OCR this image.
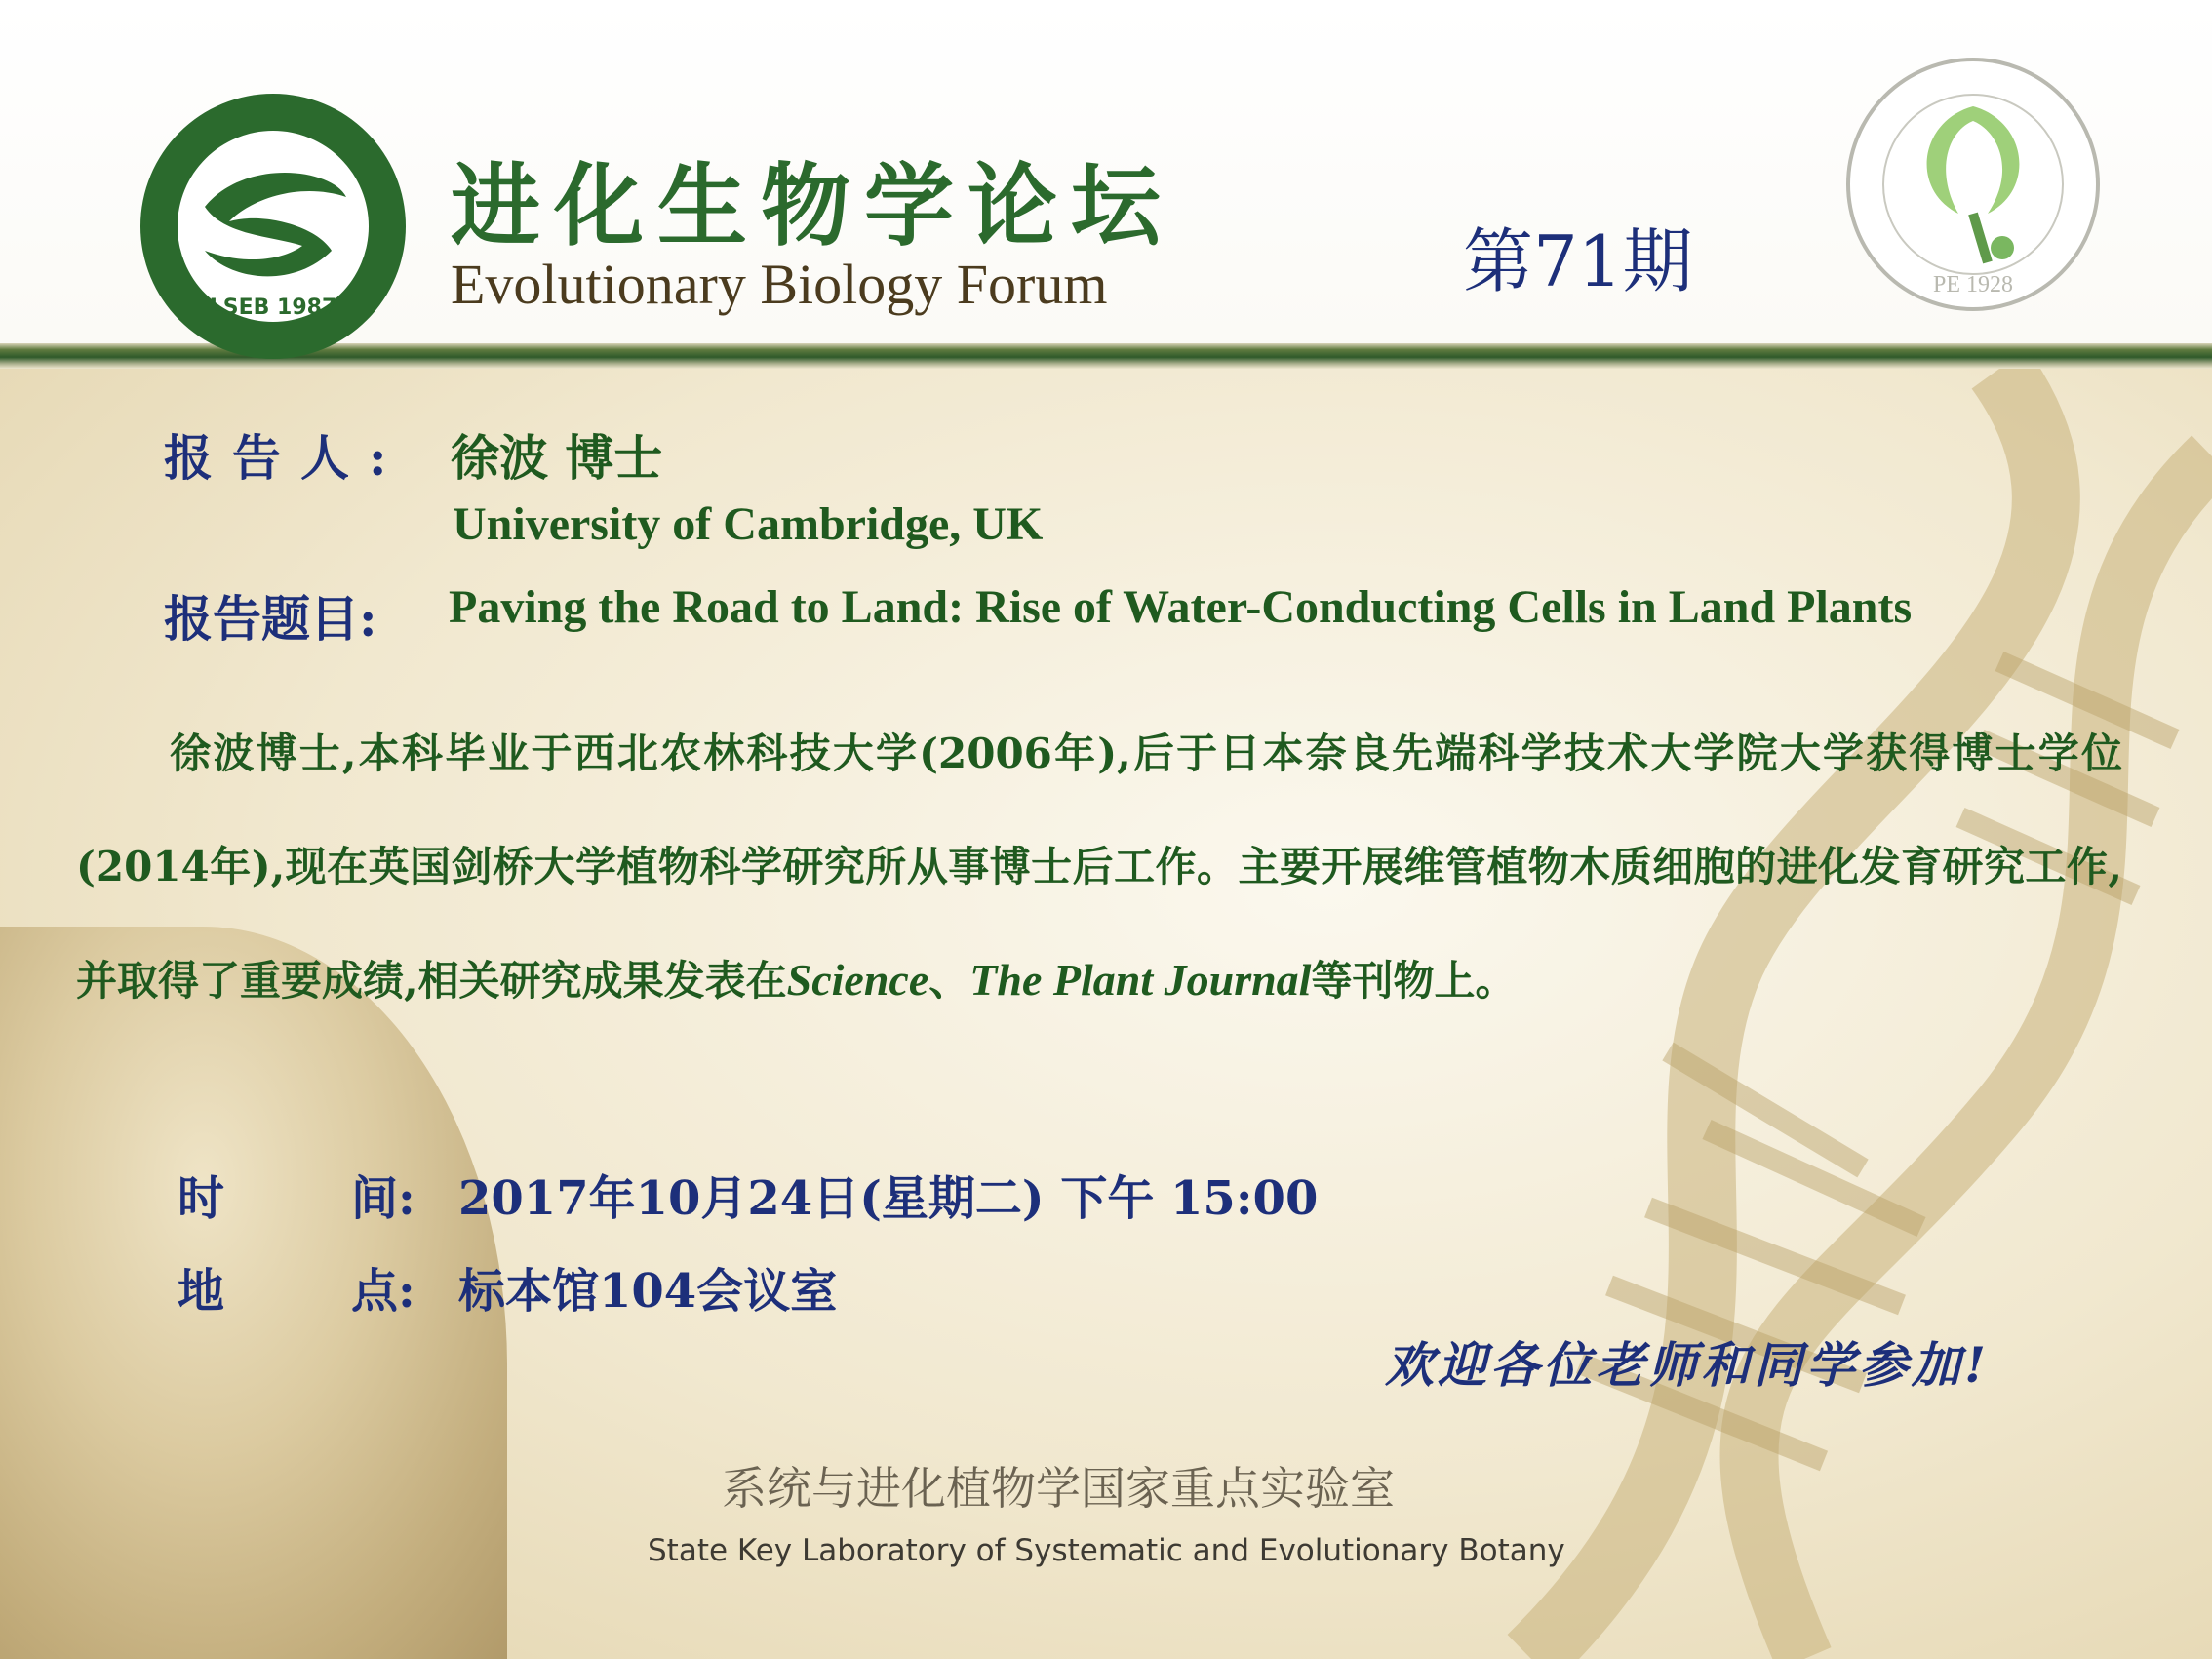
LSEB 1987
进化生物学论坛
Evolutionary Biology Forum	第71期	PE 1928
报告人: 徐波 博士
University of Cambridge, UK
报告题目: Paving the Road to Land: Rise of Water-Conducting Cells in Land Plants
徐波博士,本科毕业于西北农林科技大学(2006年),后于日本奈良先端科学技术大学院大学获得博士学位(2014年),现在英国剑桥大学植物科学研究所从事博士后工作。主要开展维管植物木质细胞的进化发育研究工作,并取得了重要成绩,相关研究成果发表在Science、The Plant Journal等刊物上。
时	间: 2017年10月24日(星期二) 下午 15:00
地	点: 标本馆104会议室
欢迎各位老师和同学参加!
系统与进化植物学国家重点实验室
State Key Laboratory of Systematic and Evolutionary Botany
